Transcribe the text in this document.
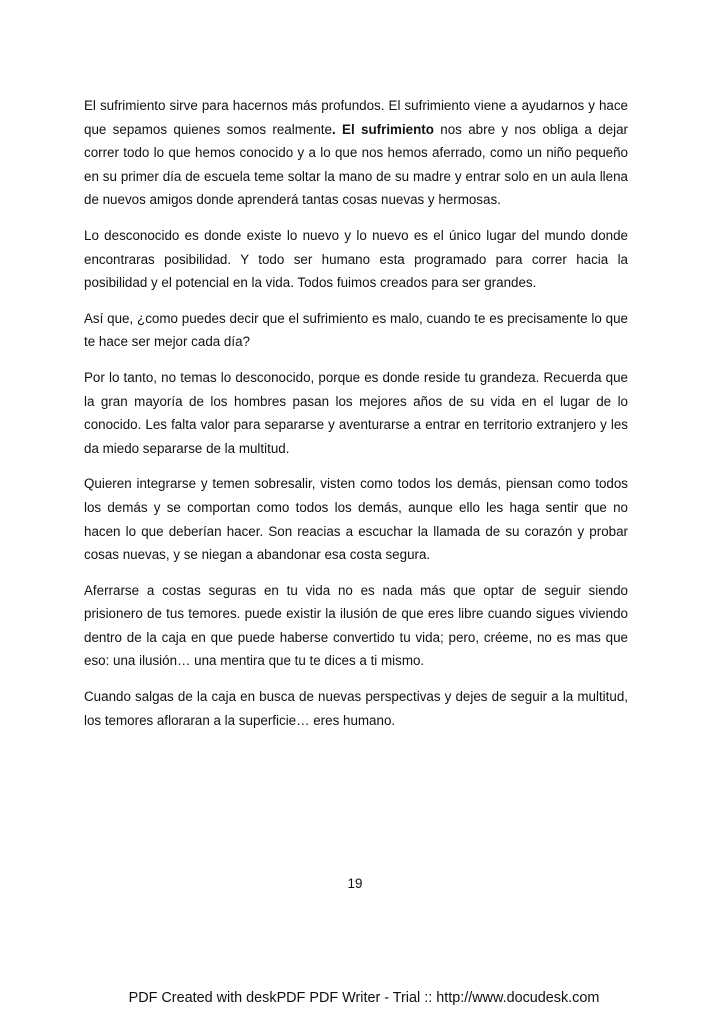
El sufrimiento sirve para hacernos más profundos. El sufrimiento viene a ayudarnos y hace que sepamos quienes somos realmente. El sufrimiento nos abre y nos obliga a dejar correr todo lo que hemos conocido y a lo que nos hemos aferrado, como un niño pequeño en su primer día de escuela teme soltar la mano de su madre y entrar solo en un aula llena de nuevos amigos donde aprenderá tantas cosas nuevas y hermosas.

Lo desconocido es donde existe lo nuevo y lo nuevo es el único lugar del mundo donde encontraras posibilidad. Y todo ser humano esta programado para correr hacia la posibilidad y el potencial en la vida. Todos fuimos creados para ser grandes.

Así que, ¿como puedes decir que el sufrimiento es malo, cuando te es precisamente lo que te hace ser mejor cada día?

Por lo tanto, no temas lo desconocido, porque es donde reside tu grandeza. Recuerda que la gran mayoría de los hombres pasan los mejores años de su vida en el lugar de lo conocido. Les falta valor para separarse y aventurarse a entrar en territorio extranjero y les da miedo separarse de la multitud.

Quieren integrarse y temen sobresalir, visten como todos los demás, piensan como todos los demás y se comportan como todos los demás, aunque ello les haga sentir que no hacen lo que deberían hacer. Son reacias a escuchar la llamada de su corazón y probar cosas nuevas, y se niegan a abandonar esa costa segura.

Aferrarse a costas seguras en tu vida no es nada más que optar de seguir siendo prisionero de tus temores. puede existir la ilusión de que eres libre cuando sigues viviendo dentro de la caja en que puede haberse convertido tu vida; pero, créeme, no es mas que eso: una ilusión… una mentira que tu te dices a ti mismo.

Cuando salgas de la caja en busca de nuevas perspectivas y dejes de seguir a la multitud, los temores afloraran a la superficie… eres humano.

19
PDF Created with deskPDF PDF Writer - Trial :: http://www.docudesk.com
